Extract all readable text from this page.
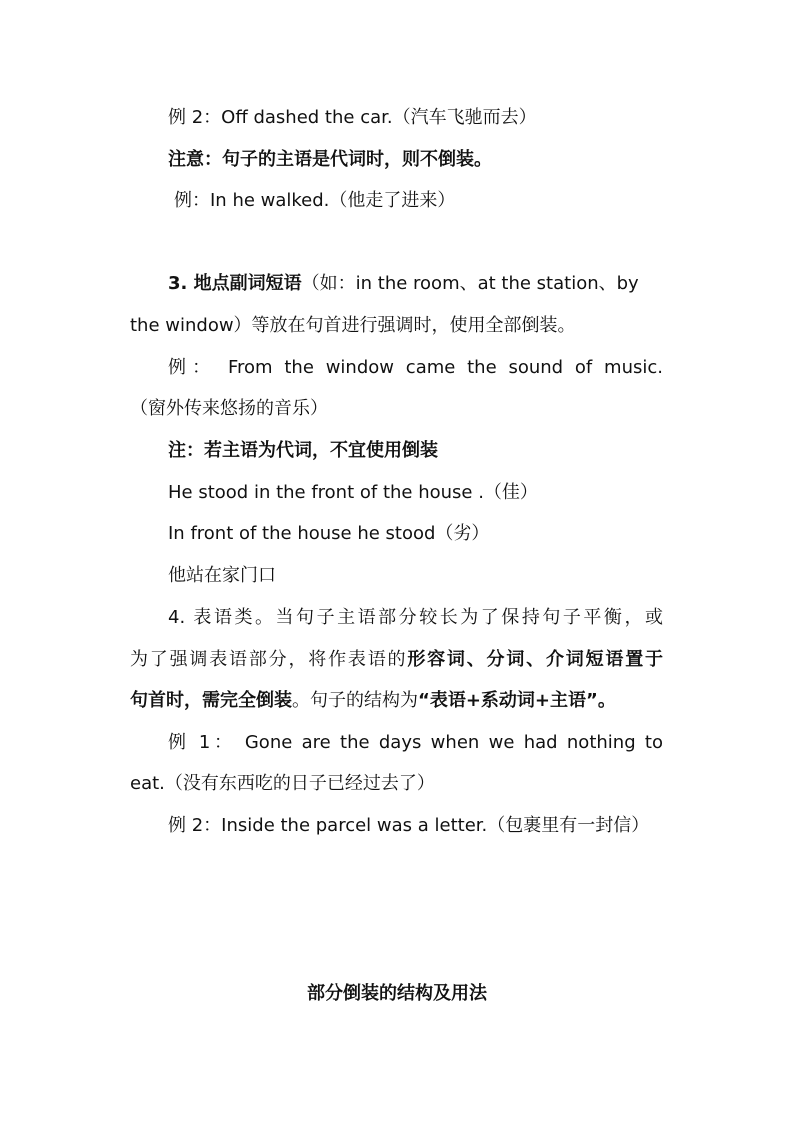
例 2：Off dashed the car.（汽车飞驰而去）
注意：句子的主语是代词时，则不倒装。
例：In he walked.（他走了进来）
3. 地点副词短语（如：in the room、at the station、by
the window）等放在句首进行强调时，使用全部倒装。
例： From the window came the sound of music.
（窗外传来悠扬的音乐）
注：若主语为代词，不宜使用倒装
He stood in the front of the house .（佳）
In front of the house he stood（劣）
他站在家门口
4. 表语类。当句子主语部分较长为了保持句子平衡，或
为了强调表语部分，将作表语的形容词、分词、介词短语置于
句首时，需完全倒装。句子的结构为“表语+系动词+主语”。
例 1： Gone are the days when we had nothing to
eat.（没有东西吃的日子已经过去了）
例 2：Inside the parcel was a letter.（包裹里有一封信）
部分倒装的结构及用法
